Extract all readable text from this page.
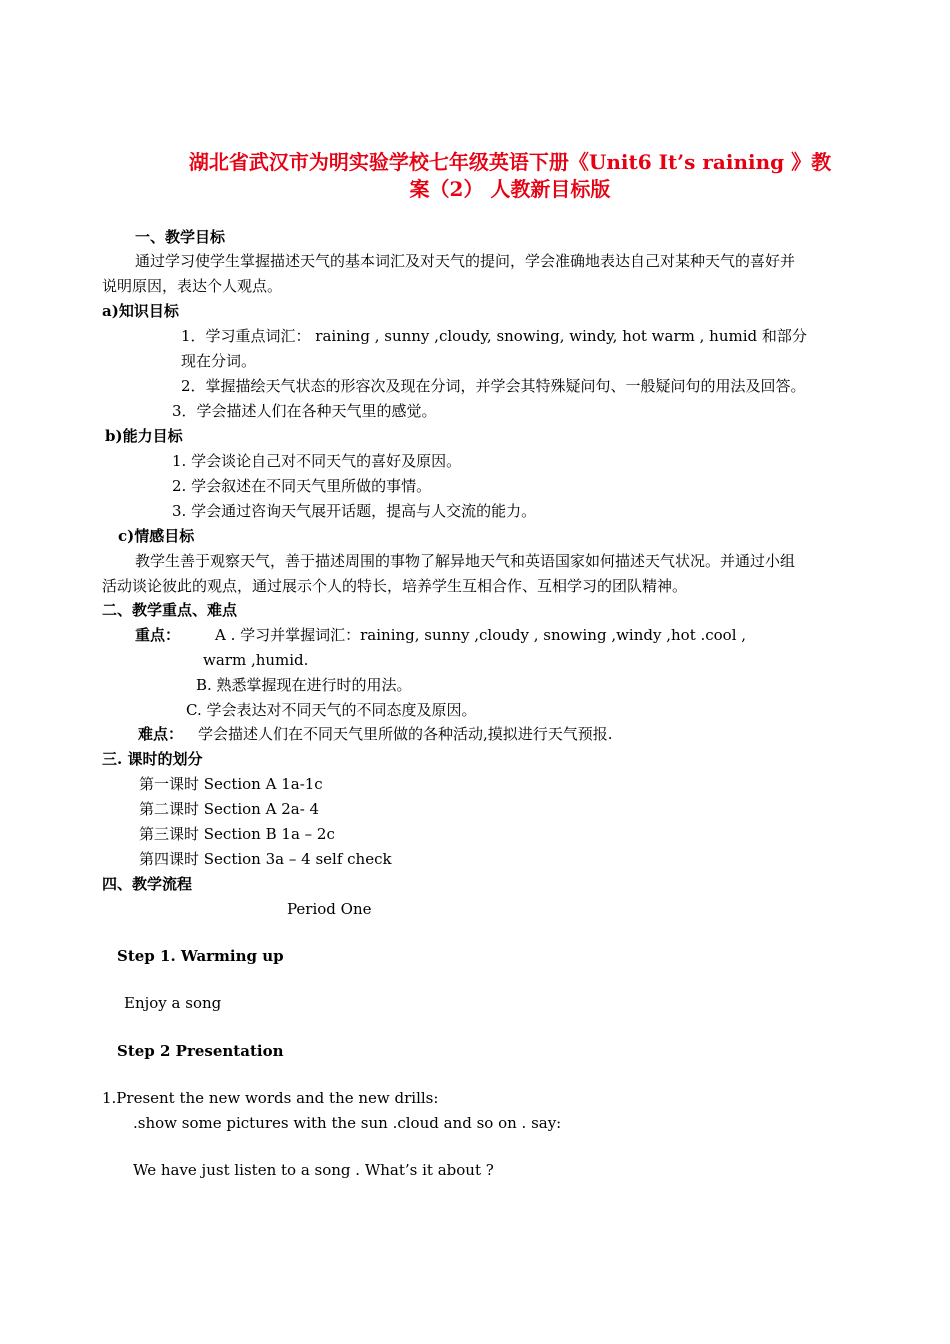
湖北省武汉市为明实验学校七年级英语下册《Unit6 It’s raining 》教
案（2） 人教新目标版
一、教学目标
通过学习使学生掌握描述天气的基本词汇及对天气的提问，学会准确地表达自己对某种天气的喜好并
说明原因，表达个人观点。
a)知识目标
1．学习重点词汇： raining , sunny ,cloudy, snowing, windy, hot warm , humid 和部分
现在分词。
2．掌握描绘天气状态的形容次及现在分词，并学会其特殊疑问句、一般疑问句的用法及回答。
3．学会描述人们在各种天气里的感觉。
b)能力目标
1. 学会谈论自己对不同天气的喜好及原因。
2. 学会叙述在不同天气里所做的事情。
3. 学会通过咨询天气展开话题，提高与人交流的能力。
c)情感目标
教学生善于观察天气，善于描述周围的事物了解异地天气和英语国家如何描述天气状况。并通过小组
活动谈论彼此的观点，通过展示个人的特长，培养学生互相合作、互相学习的团队精神。
二、教学重点、难点
重点： A . 学习并掌握词汇：raining, sunny ,cloudy , snowing ,windy ,hot .cool ,
warm ,humid.
B. 熟悉掌握现在进行时的用法。
C. 学会表达对不同天气的不同态度及原因。
难点： 学会描述人们在不同天气里所做的各种活动,摸拟进行天气预报.
三. 课时的划分
第一课时 Section A 1a-1c
第二课时 Section A 2a- 4
第三课时 Section B 1a – 2c
第四课时 Section 3a – 4 self check
四、教学流程
Period One
Step 1. Warming up
Enjoy a song
Step 2 Presentation
1.Present the new words and the new drills:
.show some pictures with the sun .cloud and so on . say:
We have just listen to a song . What’s it about ?
